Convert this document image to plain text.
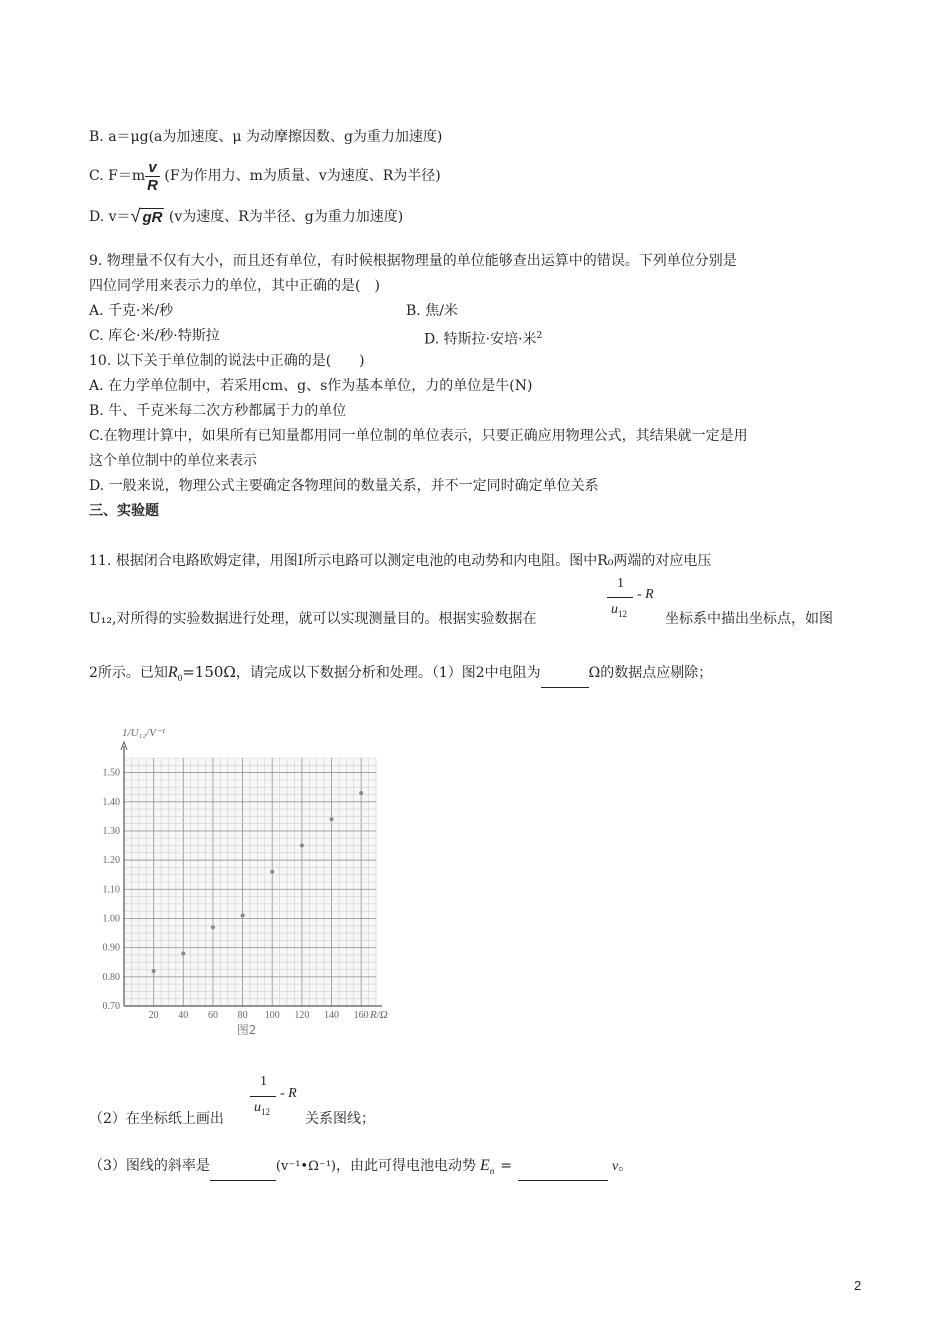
B. a＝μg(a为加速度、μ 为动摩擦因数、g为重力加速度)
C. $F=m \frac{v}{R} (F$为作用力、m为质量、v为速度、R为半径)
D. v＝√ gR (v为速度、R为半径、g为重力加速度)
9. 物理量不仅有大小，而且还有单位，有时候根据物理量的单位能够查出运算中的错误。下列单位分别是
四位同学用来表示力的单位，其中正确的是(　)
A. 千克·米/秒	B. 焦/米
C. 库仑·米/秒·特斯拉	D. 特斯拉·安培·米$^2$
10. 以下关于单位制的说法中正确的是(　　)
A. 在力学单位制中，若采用cm、g、s作为基本单位，力的单位是牛(N)
B. 牛、千克米每二次方秒都属于力的单位
C.在物理计算中，如果所有已知量都用同一单位制的单位表示，只要正确应用物理公式，其结果就一定是用
这个单位制中的单位来表示
D. 一般来说，物理公式主要确定各物理间的数量关系，并不一定同时确定单位关系
三、实验题
11. 根据闭合电路欧姆定律，用图Ⅰ所示电路可以测定电池的电动势和内电阻。图中R₀两端的对应电压
1
$u_{12}$
- R
U₁₂,对所得的实验数据进行处理，就可以实现测量目的。根据实验数据在	坐标系中描出坐标点，如图
2所示。已知$R_0=150\Omega$，请完成以下数据分析和处理。（1）图2中电阻为	Ω的数据点应剔除；
0.70
0.80
0.90
1.00
1.10
1.20
1.30
1.40
1.50
20 40 60 80 100 120 140 160
1/U₁₂/V⁻¹
R/Ω
图2
1
$u_{12}$
- R
（2）在坐标纸上画出	关系图线；
（3）图线的斜率是	(v⁻¹•Ω⁻¹)，由此可得电池电动势 $E_n$ =	v。
2
